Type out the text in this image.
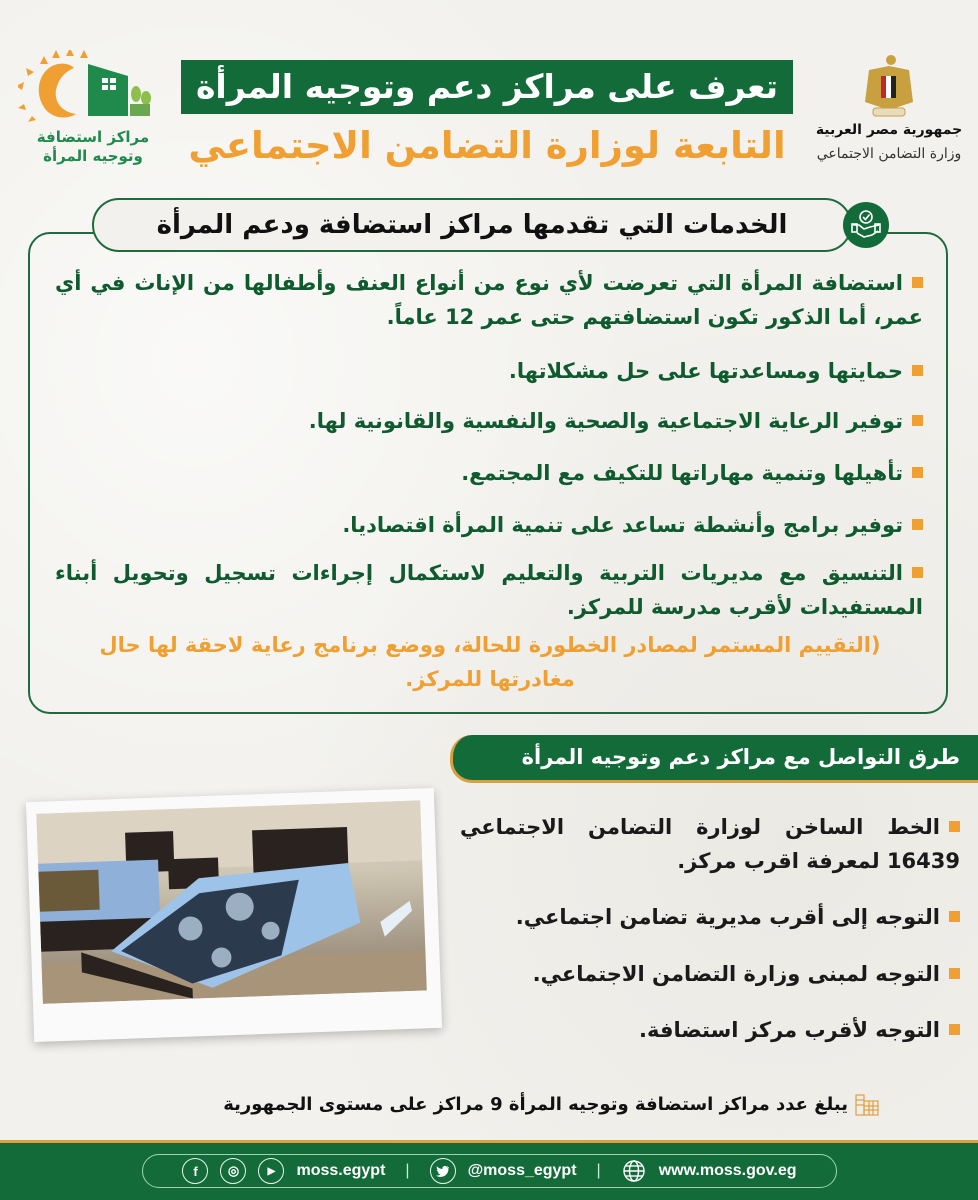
مراكز استضافة
وتوجيه المرأة
تعرف على مراكز دعم وتوجيه المرأة
التابعة لوزارة التضامن الاجتماعي	جمهورية مصر العربية
وزارة التضامن الاجتماعي
الخدمات التي تقدمها مراكز استضافة ودعم المرأة
استضافة المرأة التي تعرضت لأي نوع من أنواع العنف وأطفالها من الإناث في أي عمر، أما الذكور تكون استضافتهم حتى عمر 12 عاماً.
حمايتها ومساعدتها على حل مشكلاتها.
توفير الرعاية الاجتماعية والصحية والنفسية والقانونية لها.
تأهيلها وتنمية مهاراتها للتكيف مع المجتمع.
توفير برامج وأنشطة تساعد على تنمية المرأة اقتصاديا.
التنسيق مع مديريات التربية والتعليم لاستكمال إجراءات تسجيل وتحويل أبناء المستفيدات لأقرب مدرسة للمركز.
(التقييم المستمر لمصادر الخطورة للحالة، ووضع برنامج رعاية لاحقة لها حال مغادرتها للمركز.
طرق التواصل مع مراكز دعم وتوجيه المرأة
الخط الساخن لوزارة التضامن الاجتماعي 16439 لمعرفة اقرب مركز.
التوجه إلى أقرب مديرية تضامن اجتماعي.
التوجه لمبنى وزارة التضامن الاجتماعي.
التوجه لأقرب مركز استضافة.
يبلغ عدد مراكز استضافة وتوجيه المرأة 9 مراكز على مستوى الجمهورية
f	◎	▶	moss.egypt |	@moss_egypt |	www.moss.gov.eg
